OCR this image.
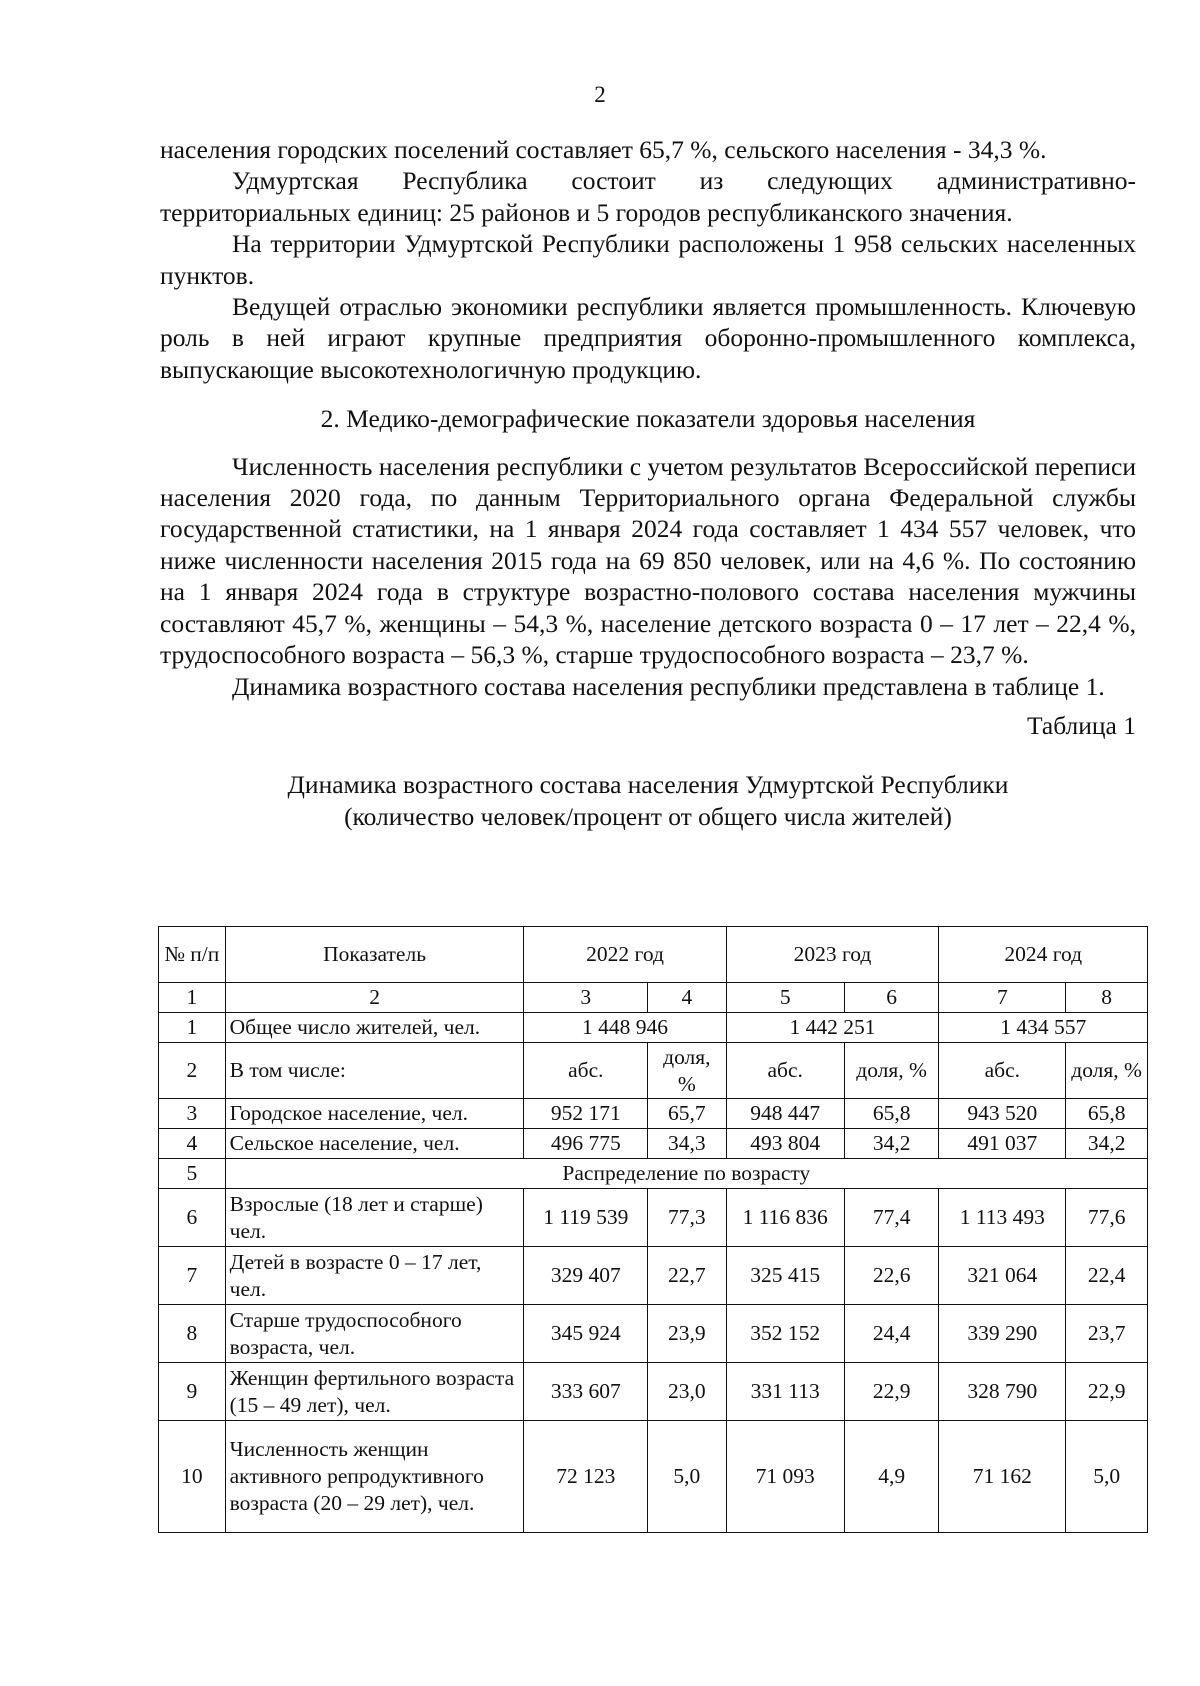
2

населения городских поселений составляет 65,7 %, сельского населения - 34,3 %.

Удмуртская Республика состоит из следующих административно-территориальных единиц: 25 районов и 5 городов республиканского значения.

На территории Удмуртской Республики расположены 1 958 сельских населенных пунктов.

Ведущей отраслью экономики республики является промышленность. Ключевую роль в ней играют крупные предприятия оборонно-промышленного комплекса, выпускающие высокотехнологичную продукцию.

2. Медико-демографические показатели здоровья населения

Численность населения республики с учетом результатов Всероссийской переписи населения 2020 года, по данным Территориального органа Федеральной службы государственной статистики, на 1 января 2024 года составляет 1 434 557 человек, что ниже численности населения 2015 года на 69 850 человек, или на 4,6 %. По состоянию на 1 января 2024 года в структуре возрастно-полового состава населения мужчины составляют 45,7 %, женщины – 54,3 %, население детского возраста 0 – 17 лет – 22,4 %, трудоспособного возраста – 56,3 %, старше трудоспособного возраста – 23,7 %.

Динамика возрастного состава населения республики представлена в таблице 1.

Таблица 1
Динамика возрастного состава населения Удмуртской Республики
(количество человек/процент от общего числа жителей)
№ п/п	Показатель	2022 год		2023 год		2024 год	
1	2	3	4	5	6	7	8
1	Общее число жителей, чел.	1 448 946		1 442 251		1 434 557	
2	В том числе:	абс.	доля, %	абс.	доля, %	абс.	доля, %
3	Городское население, чел.	952 171	65,7	948 447	65,8	943 520	65,8
4	Сельское население, чел.	496 775	34,3	493 804	34,2	491 037	34,2
5	Распределение по возрасту						
6	Взрослые (18 лет и старше) чел.	1 119 539	77,3	1 116 836	77,4	1 113 493	77,6
7	Детей в возрасте 0 – 17 лет, чел.	329 407	22,7	325 415	22,6	321 064	22,4
8	Старше трудоспособного возраста, чел.	345 924	23,9	352 152	24,4	339 290	23,7
9	Женщин фертильного возраста (15 – 49 лет), чел.	333 607	23,0	331 113	22,9	328 790	22,9
10	Численность женщин активного репродуктивного возраста (20 – 29 лет), чел.	72 123	5,0	71 093	4,9	71 162	5,0
